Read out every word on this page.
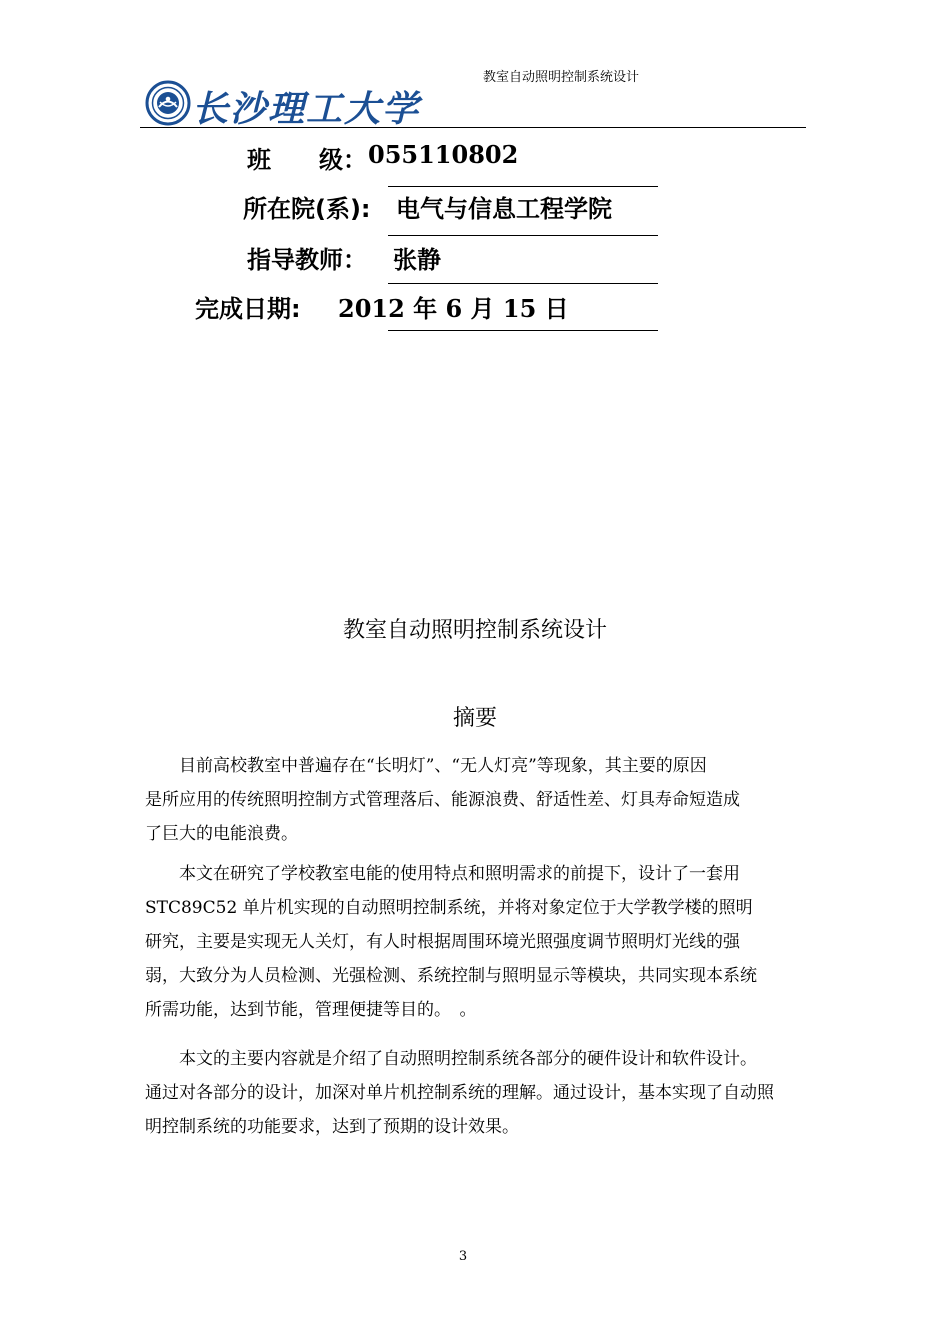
长沙理工大学
教室自动照明控制系统设计
班　　级： 055110802
所在院(系): 电气与信息工程学院
指导教师： 张静
完成日期: 2012 年 6 月 15 日
教室自动照明控制系统设计
摘要
　　目前高校教室中普遍存在“长明灯”、“无人灯亮”等现象，其主要的原因
是所应用的传统照明控制方式管理落后、能源浪费、舒适性差、灯具寿命短造成
了巨大的电能浪费。
　　本文在研究了学校教室电能的使用特点和照明需求的前提下，设计了一套用
STC89C52 单片机实现的自动照明控制系统，并将对象定位于大学教学楼的照明
研究，主要是实现无人关灯，有人时根据周围环境光照强度调节照明灯光线的强
弱，大致分为人员检测、光强检测、系统控制与照明显示等模块，共同实现本系统
所需功能，达到节能，管理便捷等目的。　。
　　本文的主要内容就是介绍了自动照明控制系统各部分的硬件设计和软件设计。
通过对各部分的设计，加深对单片机控制系统的理解。通过设计，基本实现了自动照
明控制系统的功能要求，达到了预期的设计效果。
3
